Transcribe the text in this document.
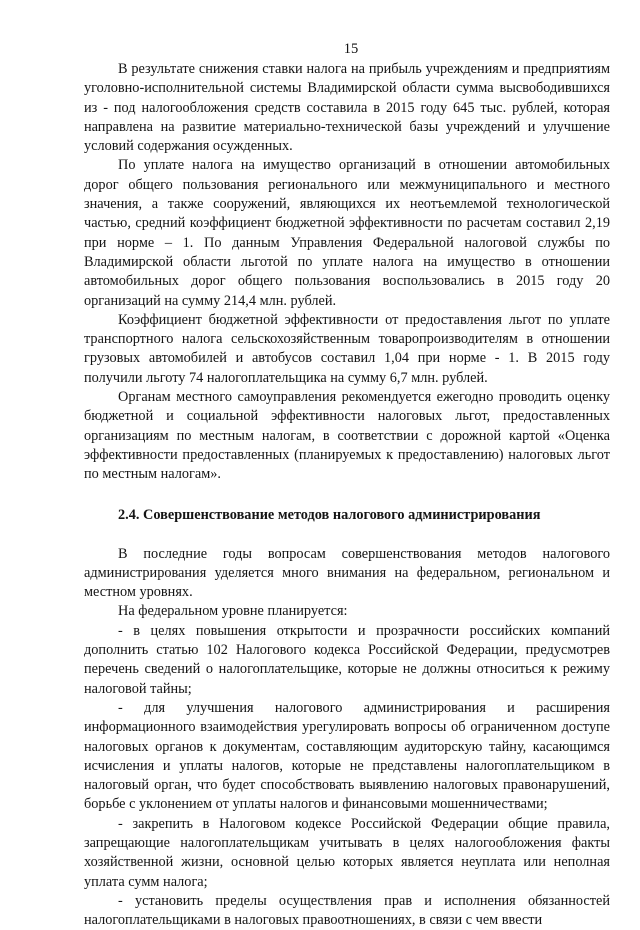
15

В результате снижения ставки налога на прибыль учреждениям и предприятиям уголовно-исполнительной системы Владимирской области сумма высвободившихся из - под налогообложения средств составила в 2015 году 645 тыс. рублей, которая направлена на развитие материально-технической базы учреждений и улучшение условий содержания осужденных.

По уплате налога на имущество организаций в отношении автомобильных дорог общего пользования регионального или межмуниципального и местного значения, а также сооружений, являющихся их неотъемлемой технологической частью, средний коэффициент бюджетной эффективности по расчетам составил 2,19 при норме – 1. По данным Управления Федеральной налоговой службы по Владимирской области льготой по уплате налога на имущество в отношении автомобильных дорог общего пользования воспользовались в 2015 году 20 организаций на сумму 214,4 млн. рублей.

Коэффициент бюджетной эффективности от предоставления льгот по уплате транспортного налога сельскохозяйственным товаропроизводителям в отношении грузовых автомобилей и автобусов составил 1,04 при норме - 1. В 2015 году получили льготу 74 налогоплательщика на сумму 6,7 млн. рублей.

Органам местного самоуправления рекомендуется ежегодно проводить оценку бюджетной и социальной эффективности налоговых льгот, предоставленных организациям по местным налогам, в соответствии с дорожной картой «Оценка эффективности предоставленных (планируемых к предоставлению) налоговых льгот по местным налогам».

2.4. Совершенствование методов налогового администрирования

В последние годы вопросам совершенствования методов налогового администрирования уделяется много внимания на федеральном, региональном и местном уровнях.

На федеральном уровне планируется:

- в целях повышения открытости и прозрачности российских компаний дополнить статью 102 Налогового кодекса Российской Федерации, предусмотрев перечень сведений о налогоплательщике, которые не должны относиться к режиму налоговой тайны;

- для улучшения налогового администрирования и расширения информационного взаимодействия урегулировать вопросы об ограниченном доступе налоговых органов к документам, составляющим аудиторскую тайну, касающимся исчисления и уплаты налогов, которые не представлены налогоплательщиком в налоговый орган, что будет способствовать выявлению налоговых правонарушений, борьбе с уклонением от уплаты налогов и финансовыми мошенничествами;

- закрепить в Налоговом кодексе Российской Федерации общие правила, запрещающие налогоплательщикам учитывать в целях налогообложения факты хозяйственной жизни, основной целью которых является неуплата или неполная уплата сумм налога;

- установить пределы осуществления прав и исполнения обязанностей налогоплательщиками в налоговых правоотношениях, в связи с чем ввести
